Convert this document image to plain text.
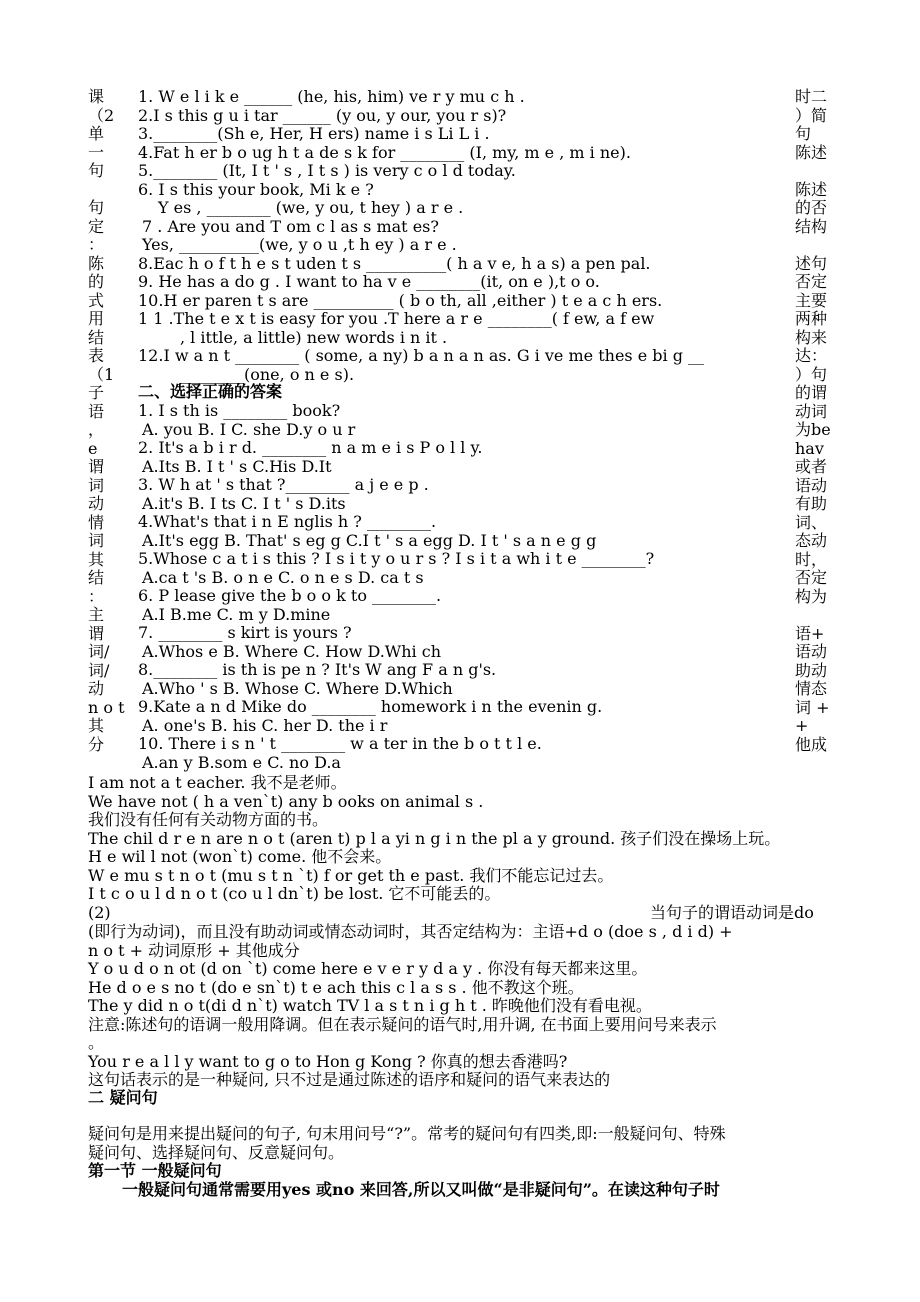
课
（2
单
一
句
句
定
：
陈
的
式
用
结
表
（1
子
语
，
e
谓
词
动
情
词
其
结
：
主
谓
词/
词/
动
n o t
其
分
时二
）简
句
陈述
陈述
的否
结构
述句
否定
主要
两种
构来
达：
）句
的谓
动词
为be
hav
或者
语动
有助
词、
态动
时，
否定
构为
语+
语动
助动
情态
词 +
+
他成
1. W e l i k e ______ (he, his, him) ve r y mu c h .
2.I s this g u i tar ______ (y ou, y our, you r s)?
3.________(Sh e, Her, H ers) name i s Li L i .
4.Fat h er b o ug h t a de s k for ________ (I, my, m e , m i ne).
5.________ (It, I t ' s , I t s ) is very c o l d today.
6. I s this your book, Mi k e ?
Y es , ________ (we, y ou, t hey ) a r e .
7 . Are you and T om c l as s mat es?
Yes, __________(we, y o u ,t h ey ) a r e .
8.Eac h o f t h e s t uden t s __________( h a v e, h a s) a pen pal.
9. He has a do g . I want to ha v e ________(it, on e ),t o o.
10.H er paren t s are __________ ( b o th, all ,either ) t e a c h ers.
1 1 .The t e x t is easy for you .T here a r e ________( f ew, a f ew
, l ittle, a little) new words i n it .
12.I w a n t ________ ( some, a ny) b a n a n as. G i ve me thes e bi g __
________(one, o n e s).
二、选择正确的答案
1. I s th is ________ book?
A. you B. I C. she D.y o u r
2. It's a b i r d. ________ n a m e i s P o l l y.
A.Its B. I t ' s C.His D.It
3. W h at ' s that ?________ a j e e p .
A.it's B. I ts C. I t ' s D.its
4.What's that i n E nglis h ? ________.
A.It's egg B. That' s eg g C.I t ' s a egg D. I t ' s a n e g g
5.Whose c a t i s this ? I s i t y o u r s ? I s i t a wh i t e ________?
A.ca t 's B. o n e C. o n e s D. ca t s
6. P lease give the b o o k to ________.
A.I B.me C. m y D.mine
7. ________ s kirt is yours ?
A.Whos e B. Where C. How D.Whi ch
8.________ is th is pe n ? It's W ang F a n g's.
A.Who ' s B. Whose C. Where D.Which
9.Kate a n d Mike do ________ homework i n the evenin g.
A. one's B. his C. her D. the i r
10. There i s n ' t ________ w a ter in the b o t t l e.
A.an y B.som e C. no D.a
I am not a t eacher. 我不是老师。
We have not ( h a ven`t) any b ooks on animal s .
我们没有任何有关动物方面的书。
The chil d r e n are n o t (aren t) p l a yi n g i n the pl a y ground. 孩子们没在操场上玩。
H e wil l not (won`t) come. 他不会来。
W e mu s t n o t (mu s t n `t) f or get th e past. 我们不能忘记过去。
I t c o u l d n o t (co u l dn`t) be lost. 它不可能丢的。
(2)	当句子的谓语动词是do
(即行为动词)，而且没有助动词或情态动词时，其否定结构为：主语+d o (doe s , d i d) +
n o t + 动词原形 + 其他成分
Y o u d o n ot (d on `t) come here e v e r y d a y . 你没有每天都来这里。
He d o e s no t (do e sn`t) t e ach this c l a s s . 他不教这个班。
The y did n o t(di d n`t) watch TV l a s t n i g h t . 昨晚他们没有看电视。
注意:陈述句的语调一般用降调。但在表示疑问的语气时,用升调, 在书面上要用问号来表示
。
You r e a l l y want to g o to Hon g Kong ? 你真的想去香港吗?
这句话表示的是一种疑问, 只不过是通过陈述的语序和疑问的语气来表达的
二 疑问句
疑问句是用来提出疑问的句子, 句末用问号“?”。常考的疑问句有四类,即:一般疑问句、特殊
疑问句、选择疑问句、反意疑问句。
第一节 一般疑问句
一般疑问句通常需要用yes 或no 来回答,所以又叫做“是非疑问句”。在读这种句子时
